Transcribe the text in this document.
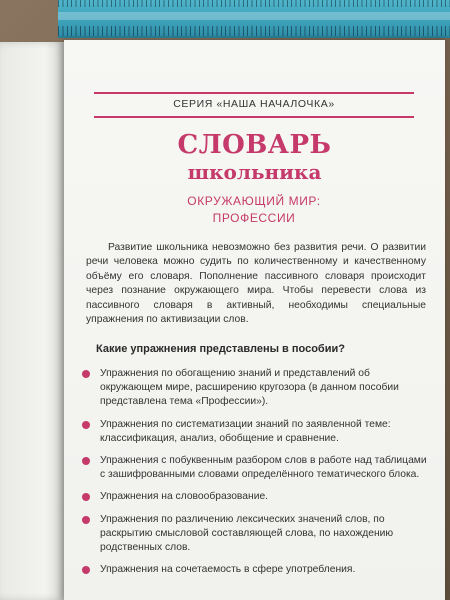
СЕРИЯ «НАША НАЧАЛОЧКА»
СЛОВАРЬ
школьника
ОКРУЖАЮЩИЙ МИР:
ПРОФЕССИИ
Развитие школьника невозможно без развития речи. О развитии речи человека можно судить по количественному и качественному объёму его словаря. Пополнение пассивного словаря происходит через познание окружающего мира. Чтобы перевести слова из пассивного словаря в активный, необходимы специальные упражнения по активизации слов.
Какие упражнения представлены в пособии?
Упражнения по обогащению знаний и представлений об окружающем мире, расширению кругозора (в данном пособии представлена тема «Профессии»).
Упражнения по систематизации знаний по заявленной теме: классификация, анализ, обобщение и сравнение.
Упражнения с побуквенным разбором слов в работе над таблицами с зашифрованными словами определённого тематического блока.
Упражнения на словообразование.
Упражнения по различению лексических значений слов, по раскрытию смысловой составляющей слова, по нахождению родственных слов.
Упражнения на сочетаемость в сфере употребления.
